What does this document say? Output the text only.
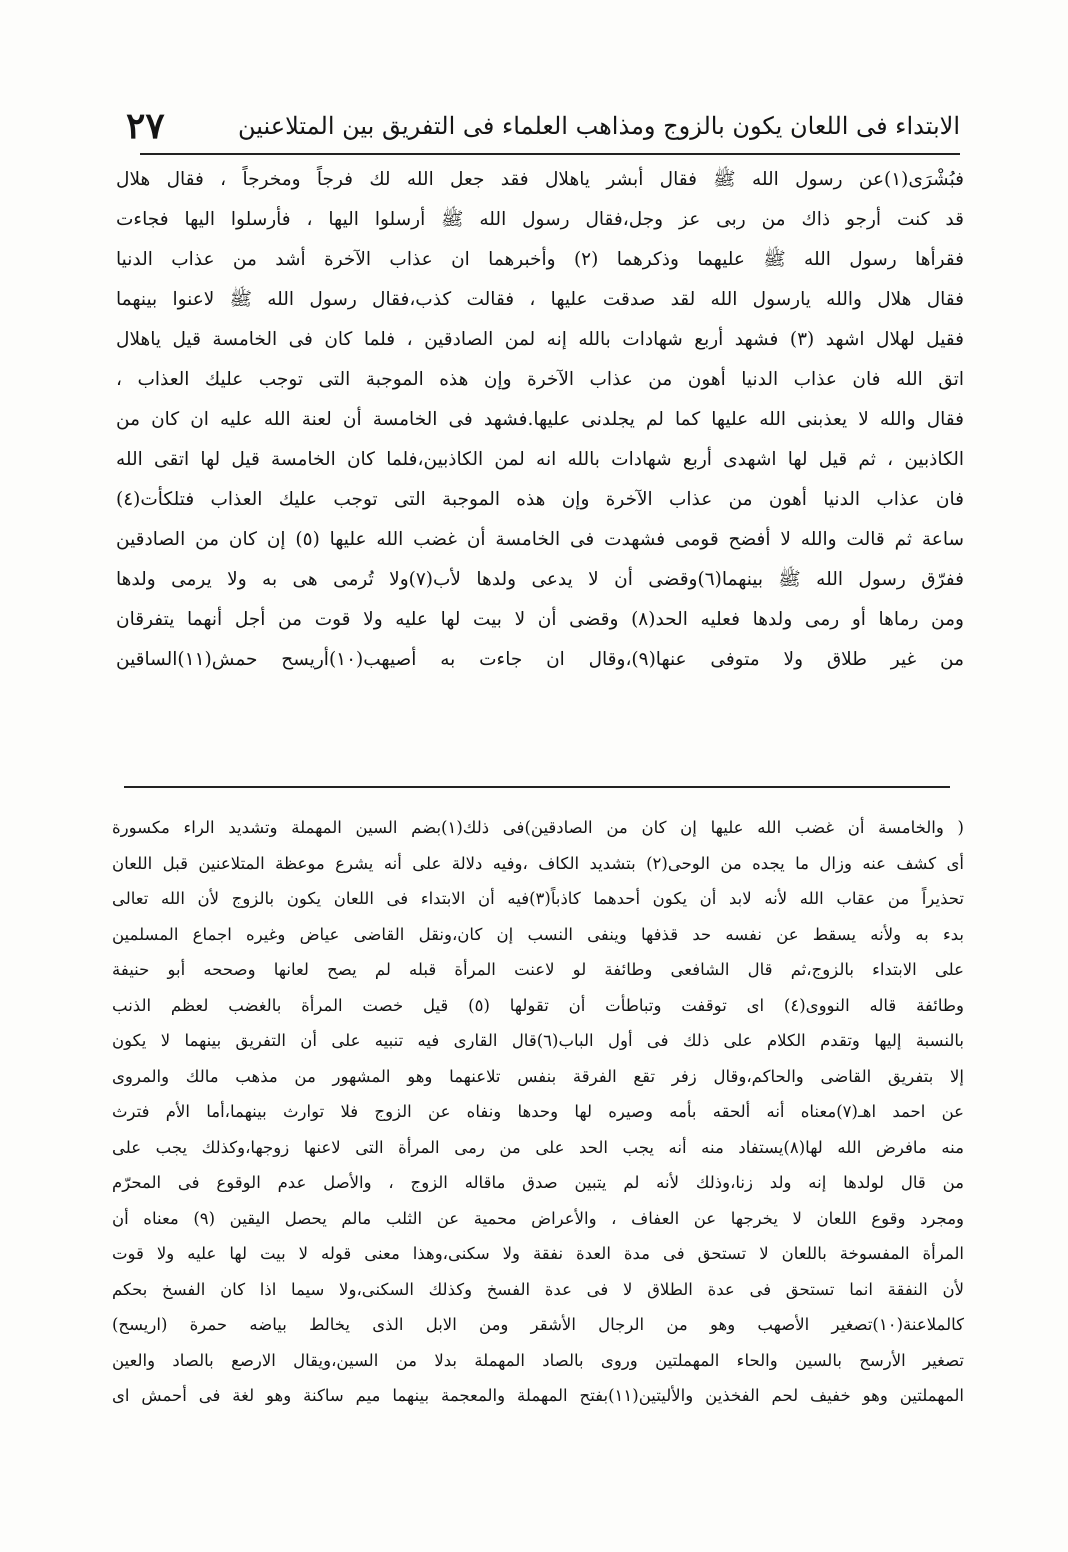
الابتداء فى اللعان يكون بالزوج ومذاهب العلماء فى التفريق بين المتلاعنين
٢٧
فبُشْرَى(١)عن رسول الله ﷺ فقال أبشر ياهلال فقد جعل الله لك فرجاً ومخرجاً ، فقال هلال
قد كنت أرجو ذاك من ربى عز وجل،فقال رسول الله ﷺ أرسلوا اليها ، فأرسلوا اليها فجاءت
فقرأها رسول الله ﷺ عليهما وذكرهما (٢) وأخبرهما ان عذاب الآخرة أشد من عذاب الدنيا
فقال هلال والله يارسول الله لقد صدقت عليها ، فقالت كذب،فقال رسول الله ﷺ لاعنوا بينهما
فقيل لهلال اشهد (٣) فشهد أربع شهادات بالله إنه لمن الصادقين ، فلما كان فى الخامسة قيل ياهلال
اتق الله فان عذاب الدنيا أهون من عذاب الآخرة وإن هذه الموجبة التى توجب عليك العذاب ،
فقال والله لا يعذبنى الله عليها كما لم يجلدنى عليها.فشهد فى الخامسة أن لعنة الله عليه ان كان من
الكاذبين ، ثم قيل لها اشهدى أربع شهادات بالله انه لمن الكاذبين،فلما كان الخامسة قيل لها اتقى الله
فان عذاب الدنيا أهون من عذاب الآخرة وإن هذه الموجبة التى توجب عليك العذاب فتلكأت(٤)
ساعة ثم قالت والله لا أفضح قومى فشهدت فى الخامسة أن غضب الله عليها (٥) إن كان من الصادقين
ففرّق رسول الله ﷺ بينهما(٦)وقضى أن لا يدعى ولدها لأب(٧)ولا تُرمى هى به ولا يرمى ولدها
ومن رماها أو رمى ولدها فعليه الحد(٨) وقضى أن لا بيت لها عليه ولا قوت من أجل أنهما يتفرقان
من غير طلاق ولا متوفى عنها(٩)،وقال ان جاءت به أصيهب(١٠)أريسح حمش(١١)الساقين
( والخامسة أن غضب الله عليها إن كان من الصادقين)فى ذلك(١)بضم السين المهملة وتشديد الراء مكسورة
أى كشف عنه وزال ما يجده من الوحى(٢) بتشديد الكاف ،وفيه دلالة على أنه يشرع موعظة المتلاعنين قبل اللعان
تحذيراً من عقاب الله لأنه لابد أن يكون أحدهما كاذباً(٣)فيه أن الابتداء فى اللعان يكون بالزوج لأن الله تعالى
بدء به ولأنه يسقط عن نفسه حد قذفها وينفى النسب إن كان،ونقل القاضى عياض وغيره اجماع المسلمين
على الابتداء بالزوج،ثم قال الشافعى وطائفة لو لاعنت المرأة قبله لم يصح لعانها وصححه أبو حنيفة
وطائفة قاله النووى(٤) اى توقفت وتباطأت أن تقولها (٥) قيل خصت المرأة بالغضب لعظم الذنب
بالنسبة إليها وتقدم الكلام على ذلك فى أول الباب(٦)قال القارى فيه تنبيه على أن التفريق بينهما لا يكون
إلا بتفريق القاضى والحاكم،وقال زفر تقع الفرقة بنفس تلاعنهما وهو المشهور من مذهب مالك والمروى
عن احمد اهـ(٧)معناه أنه ألحقه بأمه وصيره لها وحدها ونفاه عن الزوج فلا توارث بينهما،أما الأم فترث
منه مافرض الله لها(٨)يستفاد منه أنه يجب الحد على من رمى المرأة التى لاعنها زوجها،وكذلك يجب على
من قال لولدها إنه ولد زنا،وذلك لأنه لم يتبين صدق ماقاله الزوج ، والأصل عدم الوقوع فى المحرّم
ومجرد وقوع اللعان لا يخرجها عن العفاف ، والأعراض محمية عن الثلب مالم يحصل اليقين (٩) معناه أن
المرأة المفسوخة باللعان لا تستحق فى مدة العدة نفقة ولا سكنى،وهذا معنى قوله لا بيت لها عليه ولا قوت
لأن النفقة انما تستحق فى عدة الطلاق لا فى عدة الفسخ وكذلك السكنى،ولا سيما اذا كان الفسخ بحكم
كالملاعنة(١٠)تصغير الأصهب وهو من الرجال الأشقر ومن الابل الذى يخالط بياضه حمرة (اريسح)
تصغير الأرسح بالسين والحاء المهملتين وروى بالصاد المهملة بدلا من السين،ويقال الارصع بالصاد والعين
المهملتين وهو خفيف لحم الفخذين والأليتين(١١)بفتح المهملة والمعجمة بينهما ميم ساكنة وهو لغة فى أحمش اى
